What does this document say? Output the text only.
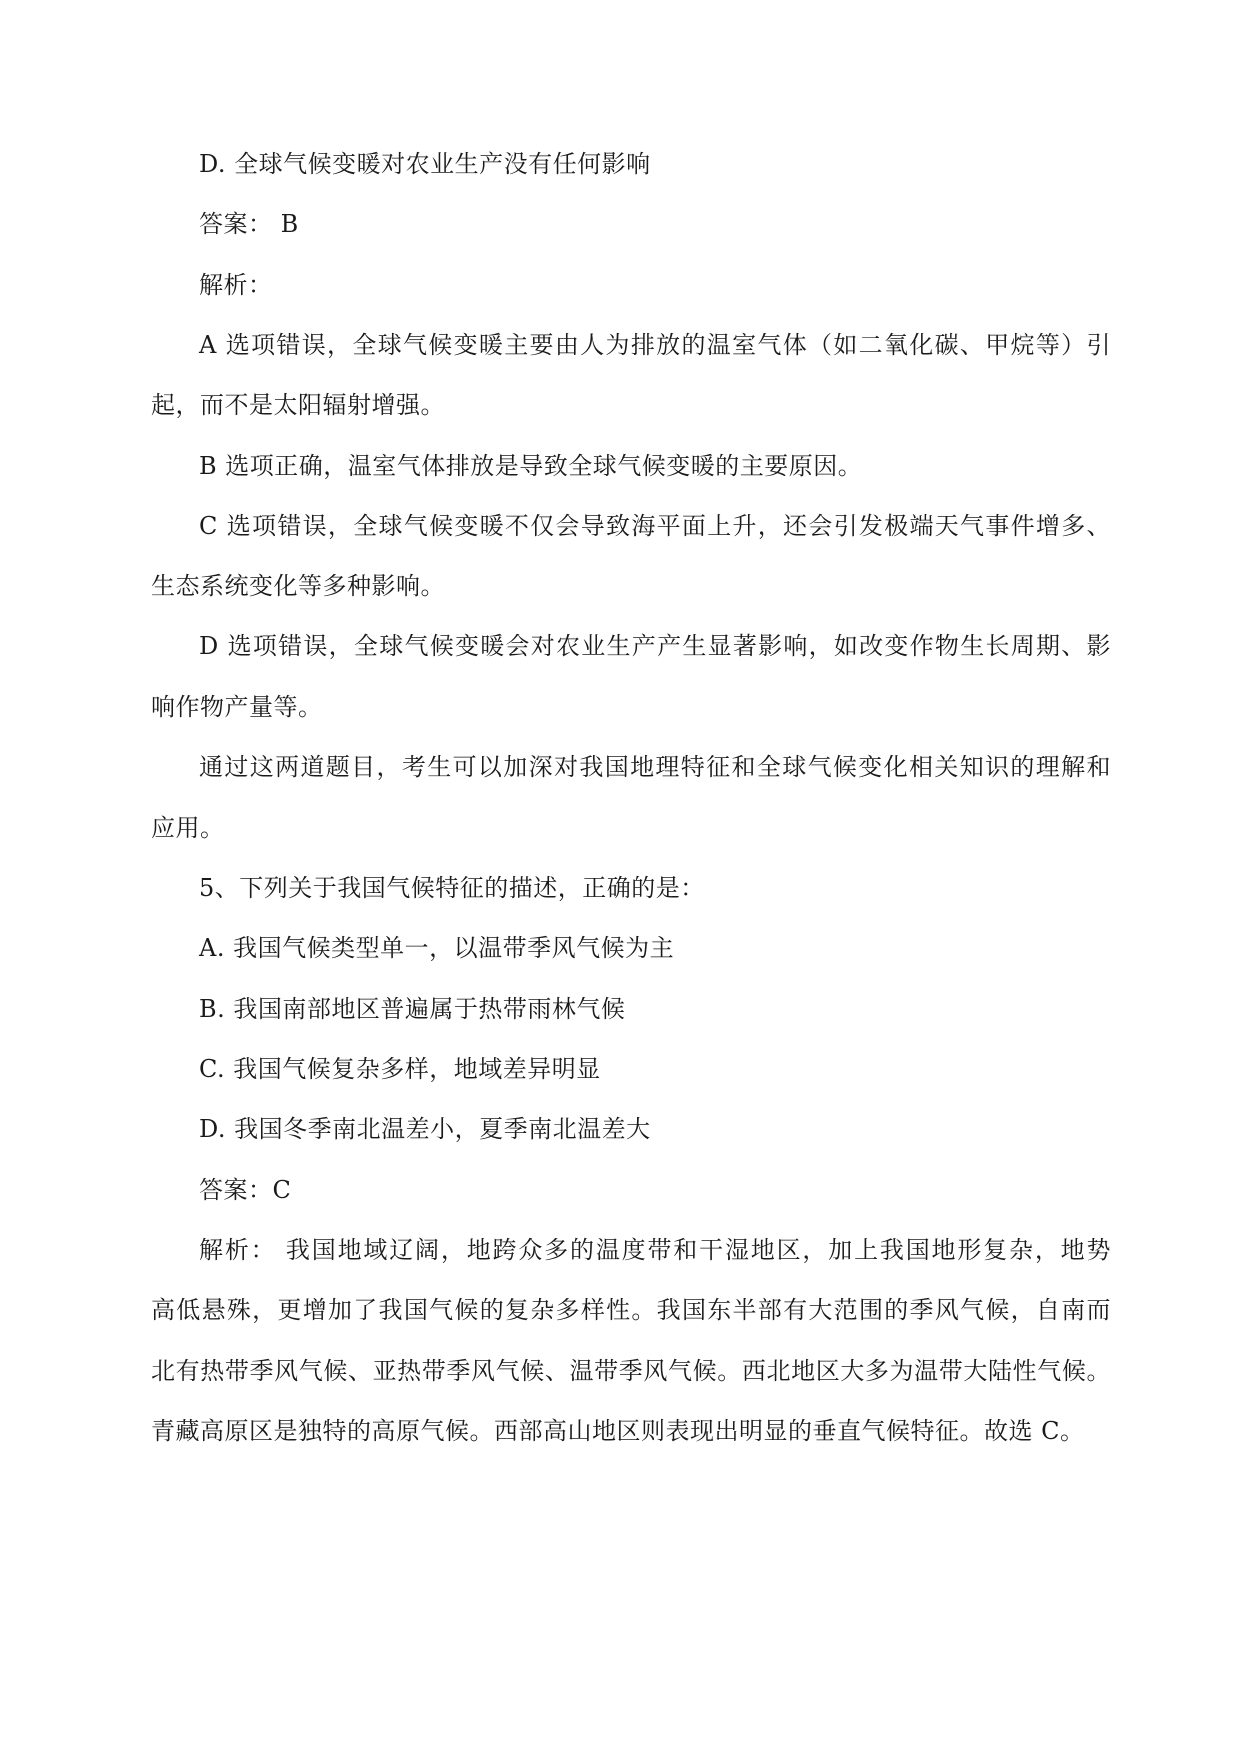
D. 全球气候变暖对农业生产没有任何影响
答案： B
解析：
A 选项错误，全球气候变暖主要由人为排放的温室气体（如二氧化碳、甲烷等）引
起，而不是太阳辐射增强。
B 选项正确，温室气体排放是导致全球气候变暖的主要原因。
C 选项错误，全球气候变暖不仅会导致海平面上升，还会引发极端天气事件增多、
生态系统变化等多种影响。
D 选项错误，全球气候变暖会对农业生产产生显著影响，如改变作物生长周期、影
响作物产量等。
通过这两道题目，考生可以加深对我国地理特征和全球气候变化相关知识的理解和
应用。
5、下列关于我国气候特征的描述，正确的是：
A. 我国气候类型单一，以温带季风气候为主
B. 我国南部地区普遍属于热带雨林气候
C. 我国气候复杂多样，地域差异明显
D. 我国冬季南北温差小，夏季南北温差大
答案：C
解析： 我国地域辽阔，地跨众多的温度带和干湿地区，加上我国地形复杂，地势
高低悬殊，更增加了我国气候的复杂多样性。我国东半部有大范围的季风气候，自南而
北有热带季风气候、亚热带季风气候、温带季风气候。西北地区大多为温带大陆性气候。
青藏高原区是独特的高原气候。西部高山地区则表现出明显的垂直气候特征。故选 C。
